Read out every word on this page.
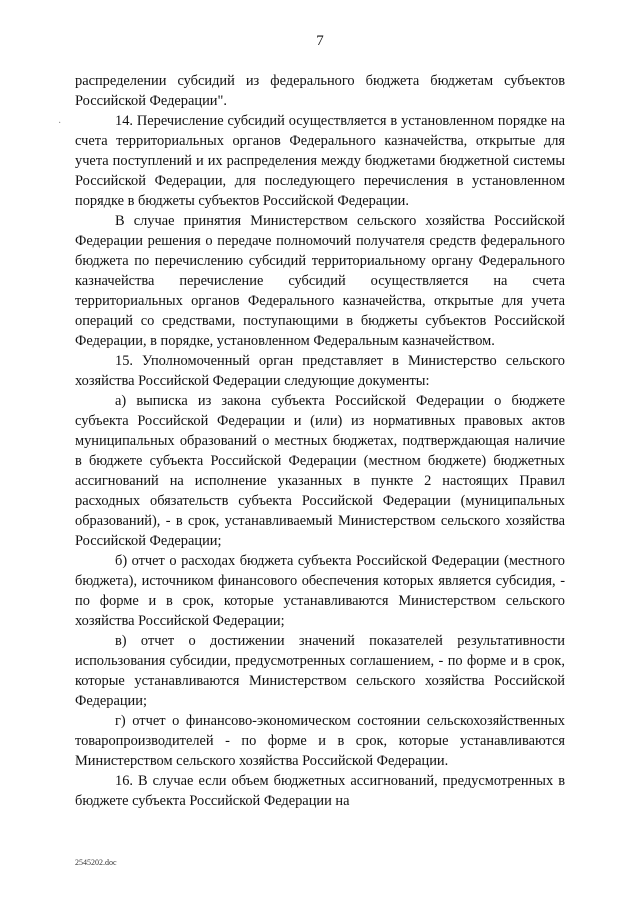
7
·

распределении субсидий из федерального бюджета бюджетам субъектов Российской Федерации".

14. Перечисление субсидий осуществляется в установленном порядке на счета территориальных органов Федерального казначейства, открытые для учета поступлений и их распределения между бюджетами бюджетной системы Российской Федерации, для последующего перечисления в установленном порядке в бюджеты субъектов Российской Федерации.

В случае принятия Министерством сельского хозяйства Российской Федерации решения о передаче полномочий получателя средств федерального бюджета по перечислению субсидий территориальному органу Федерального казначейства перечисление субсидий осуществляется на счета территориальных органов Федерального казначейства, открытые для учета операций со средствами, поступающими в бюджеты субъектов Российской Федерации, в порядке, установленном Федеральным казначейством.

15. Уполномоченный орган представляет в Министерство сельского хозяйства Российской Федерации следующие документы:

а) выписка из закона субъекта Российской Федерации о бюджете субъекта Российской Федерации и (или) из нормативных правовых актов муниципальных образований о местных бюджетах, подтверждающая наличие в бюджете субъекта Российской Федерации (местном бюджете) бюджетных ассигнований на исполнение указанных в пункте 2 настоящих Правил расходных обязательств субъекта Российской Федерации (муниципальных образований), - в срок, устанавливаемый Министерством сельского хозяйства Российской Федерации;

б) отчет о расходах бюджета субъекта Российской Федерации (местного бюджета), источником финансового обеспечения которых является субсидия, - по форме и в срок, которые устанавливаются Министерством сельского хозяйства Российской Федерации;

в) отчет о достижении значений показателей результативности использования субсидии, предусмотренных соглашением, - по форме и в срок, которые устанавливаются Министерством сельского хозяйства Российской Федерации;

г) отчет о финансово-экономическом состоянии сельскохозяйственных товаропроизводителей - по форме и в срок, которые устанавливаются Министерством сельского хозяйства Российской Федерации.

16. В случае если объем бюджетных ассигнований, предусмотренных в бюджете субъекта Российской Федерации на

2545202.doc
